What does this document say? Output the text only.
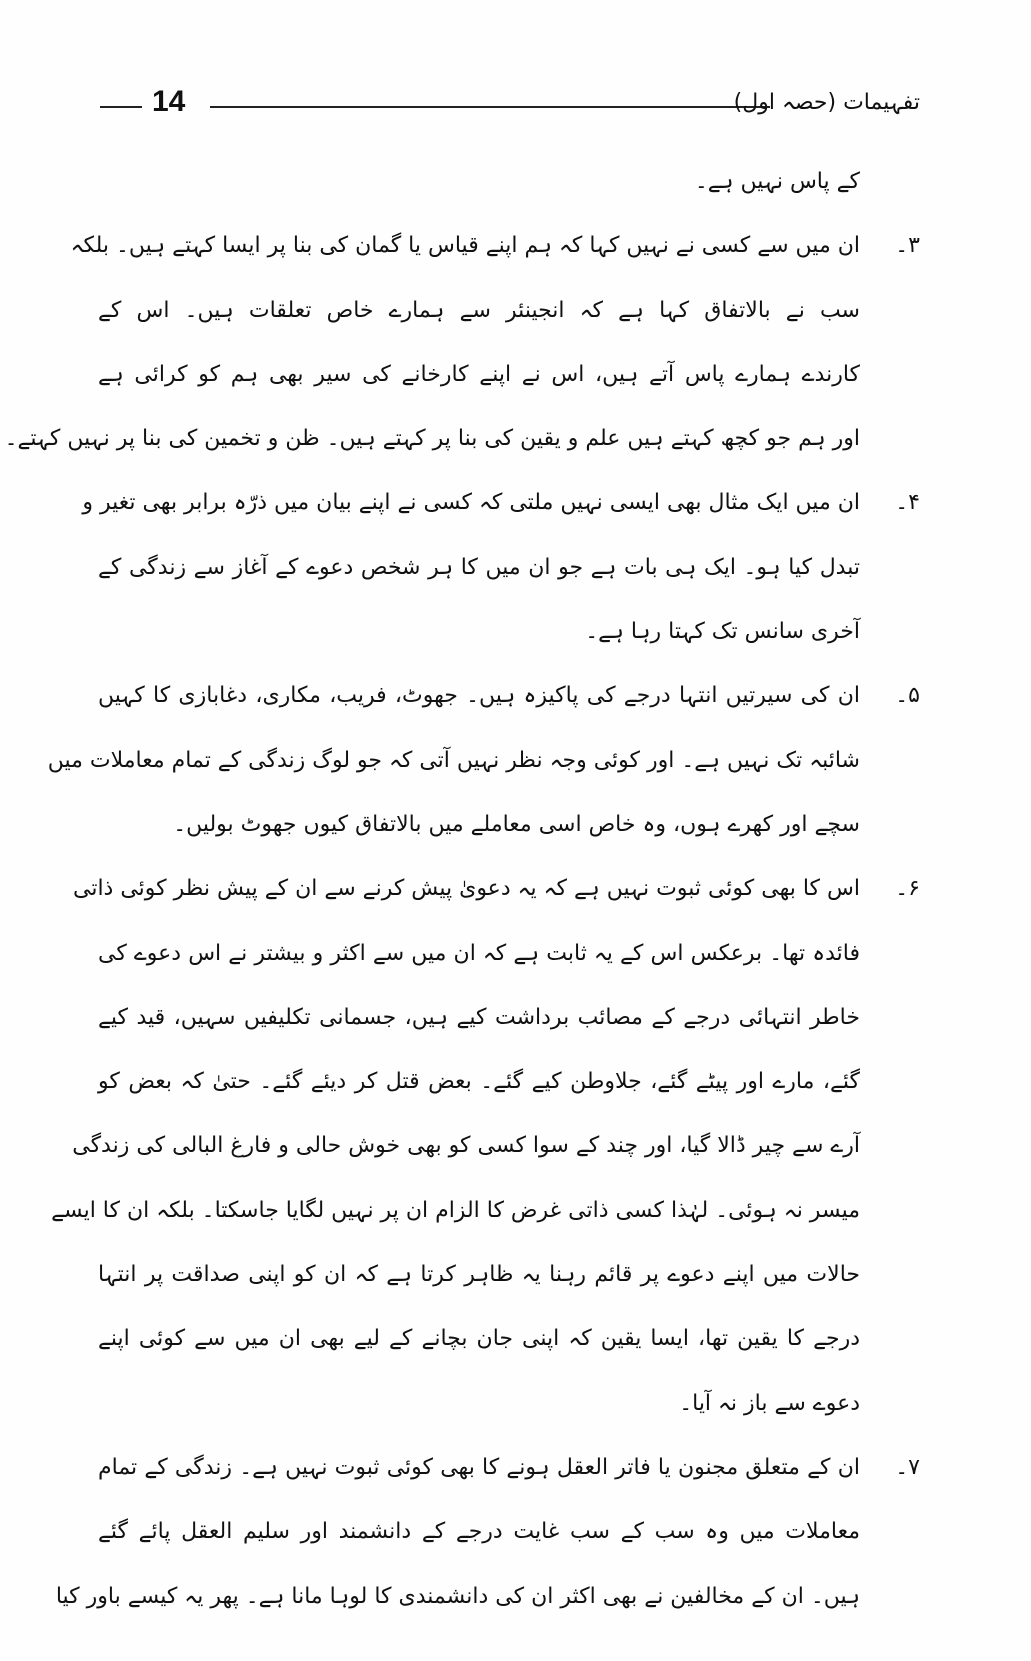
14	تفہیمات (حصہ اول)
کے پاس نہیں ہے۔
۳۔
ان میں سے کسی نے نہیں کہا کہ ہم اپنے قیاس یا گمان کی بنا پر ایسا کہتے ہیں۔ بلکہ
سب نے بالاتفاق کہا ہے کہ انجینئر سے ہمارے خاص تعلقات ہیں۔ اس کے
کارندے ہمارے پاس آتے ہیں، اس نے اپنے کارخانے کی سیر بھی ہم کو کرائی ہے
اور ہم جو کچھ کہتے ہیں علم و یقین کی بنا پر کہتے ہیں۔ ظن و تخمین کی بنا پر نہیں کہتے۔
۴۔
ان میں ایک مثال بھی ایسی نہیں ملتی کہ کسی نے اپنے بیان میں ذرّہ برابر بھی تغیر و
تبدل کیا ہو۔ ایک ہی بات ہے جو ان میں کا ہر شخص دعوے کے آغاز سے زندگی کے
آخری سانس تک کہتا رہا ہے۔
۵۔
ان کی سیرتیں انتہا درجے کی پاکیزہ ہیں۔ جھوٹ، فریب، مکاری، دغابازی کا کہیں
شائبہ تک نہیں ہے۔ اور کوئی وجہ نظر نہیں آتی کہ جو لوگ زندگی کے تمام معاملات میں
سچے اور کھرے ہوں، وہ خاص اسی معاملے میں بالاتفاق کیوں جھوٹ بولیں۔
۶۔
اس کا بھی کوئی ثبوت نہیں ہے کہ یہ دعویٰ پیش کرنے سے ان کے پیش نظر کوئی ذاتی
فائدہ تھا۔ برعکس اس کے یہ ثابت ہے کہ ان میں سے اکثر و بیشتر نے اس دعوے کی
خاطر انتہائی درجے کے مصائب برداشت کیے ہیں، جسمانی تکلیفیں سہیں، قید کیے
گئے، مارے اور پیٹے گئے، جلاوطن کیے گئے۔ بعض قتل کر دیئے گئے۔ حتیٰ کہ بعض کو
آرے سے چیر ڈالا گیا، اور چند کے سوا کسی کو بھی خوش حالی و فارغ البالی کی زندگی
میسر نہ ہوئی۔ لہٰذا کسی ذاتی غرض کا الزام ان پر نہیں لگایا جاسکتا۔ بلکہ ان کا ایسے
حالات میں اپنے دعوے پر قائم رہنا یہ ظاہر کرتا ہے کہ ان کو اپنی صداقت پر انتہا
درجے کا یقین تھا، ایسا یقین کہ اپنی جان بچانے کے لیے بھی ان میں سے کوئی اپنے
دعوے سے باز نہ آیا۔
۷۔
ان کے متعلق مجنون یا فاتر العقل ہونے کا بھی کوئی ثبوت نہیں ہے۔ زندگی کے تمام
معاملات میں وہ سب کے سب غایت درجے کے دانشمند اور سلیم العقل پائے گئے
ہیں۔ ان کے مخالفین نے بھی اکثر ان کی دانشمندی کا لوہا مانا ہے۔ پھر یہ کیسے باور کیا
